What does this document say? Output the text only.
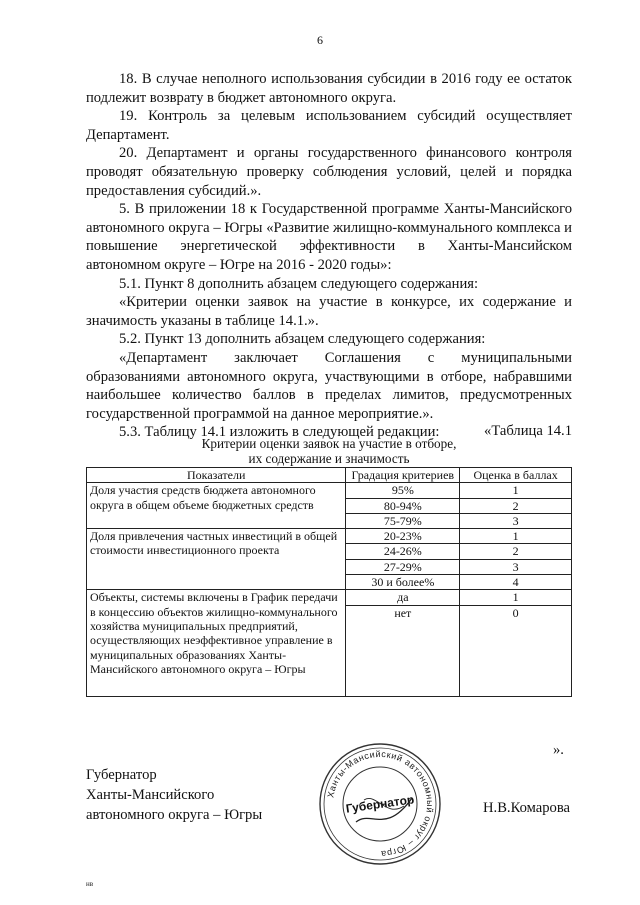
6

18. В случае неполного использования субсидии в 2016 году ее остаток подлежит возврату в бюджет автономного округа.

19. Контроль за целевым использованием субсидий осуществляет Департамент.

20. Департамент и органы государственного финансового контроля проводят обязательную проверку соблюдения условий, целей и порядка предоставления субсидий.».

5. В приложении 18 к Государственной программе Ханты-Мансийского автономного округа – Югры «Развитие жилищно-коммунального комплекса и повышение энергетической эффективности в Ханты-Мансийском автономном округе – Югре на 2016 - 2020 годы»:

5.1. Пункт 8 дополнить абзацем следующего содержания:

«Критерии оценки заявок на участие в конкурсе, их содержание и значимость указаны в таблице 14.1.».

5.2. Пункт 13 дополнить абзацем следующего содержания:

«Департамент заключает Соглашения с муниципальными образованиями автономного округа, участвующими в отборе, набравшими наибольшее количество баллов в пределах лимитов, предусмотренных государственной программой на данное мероприятие.».

5.3. Таблицу 14.1 изложить в следующей редакции:	«Таблица 14.1
Критерии оценки заявок на участие в отборе,
их содержание и значимость
Показатели	Градация критериев	Оценка в баллах
Доля участия средств бюджета автономного округа в общем объеме бюджетных средств	95%	1
	80-94%	2
	75-79%	3
Доля привлечения частных инвестиций в общей стоимости инвестиционного проекта	20-23%	1
	24-26%	2
	27-29%	3
	30 и более%	4
Объекты, системы включены в График передачи в концессию объектов жилищно-коммунального хозяйства муниципальных предприятий, осуществляющих неэффективное управление в муниципальных образованиях Ханты-Мансийского автономного округа – Югры	да	1
	нет	0
».
Губернатор
Ханты-Мансийского
автономного округа – Югры
Ханты-Мансийский автономный округ – Югра
Губернатор	Н.В.Комарова
нв
